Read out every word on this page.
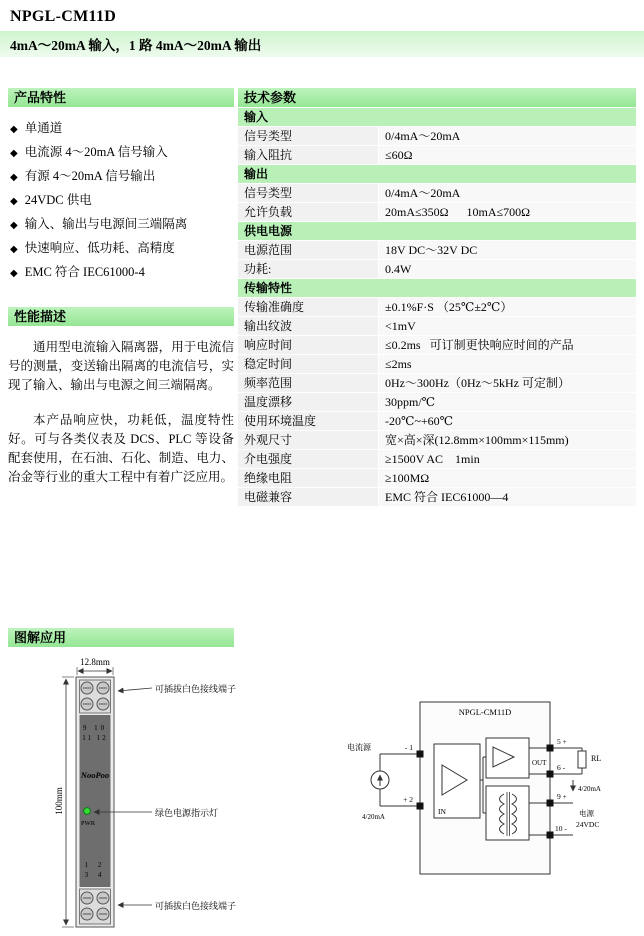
NPGL-CM11D
4mA～20mA 输入，1 路 4mA～20mA 输出
产品特性
◆ 单通道
◆ 电流源 4～20mA 信号输入
◆ 有源 4～20mA 信号输出
◆ 24VDC 供电
◆ 输入、输出与电源间三端隔离
◆ 快速响应、低功耗、高精度
◆ EMC 符合 IEC61000-4
性能描述

通用型电流输入隔离器，用于电流信号的测量，变送输出隔离的电流信号，实现了输入、输出与电源之间三端隔离。

本产品响应快，功耗低，温度特性好。可与各类仪表及 DCS、PLC 等设备配套使用，在石油、石化、制造、电力、冶金等行业的重大工程中有着广泛应用。

技术参数
输入	
信号类型	0/4mA～20mA
输入阻抗	≤60Ω
输出	
信号类型	0/4mA～20mA
允许负载	20mA≤350Ω      10mA≤700Ω
供电电源	
电源范围	18V DC～32V DC
功耗:	0.4W
传输特性	
传输准确度	±0.1%F·S （25℃±2℃）
输出纹波	<1mV
响应时间	≤0.2ms   可订制更快响应时间的产品
稳定时间	≤2ms
频率范围	0Hz～300Hz（0Hz～5kHz 可定制）
温度漂移	30ppm/℃
使用环境温度	-20℃~+60℃
外观尺寸	宽×高×深(12.8mm×100mm×115mm)
介电强度	≥1500V AC    1min
绝缘电阻	≥100MΩ
电磁兼容	EMC 符合 IEC61000—4
图解应用
12.8mm
9 10
11 12
NooPoo
PWR
1 2
3 4
100mm
可插拔白色接线端子
绿色电源指示灯
可插拔白色接线端子
NPGL-CM11D
IN
OUT
5 +
6 -
RL
4/20mA
9 +
10 -
电源
24VDC
- 1
+ 2
电流源
4/20mA
